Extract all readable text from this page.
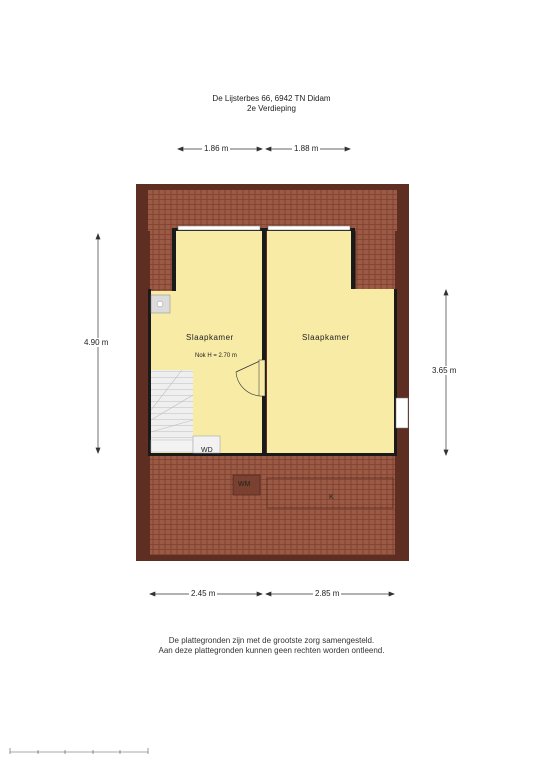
De Lijsterbes 66, 6942 TN Didam
2e Verdieping
1.86 m	1.88 m
4.90 m
3.65 m
2.45 m	2.85 m
Slaapkamer	Slaapkamer
Nok H = 2.70 m
WD
WM
K
De plattegronden zijn met de grootste zorg samengesteld.
Aan deze plattegronden kunnen geen rechten worden ontleend.
